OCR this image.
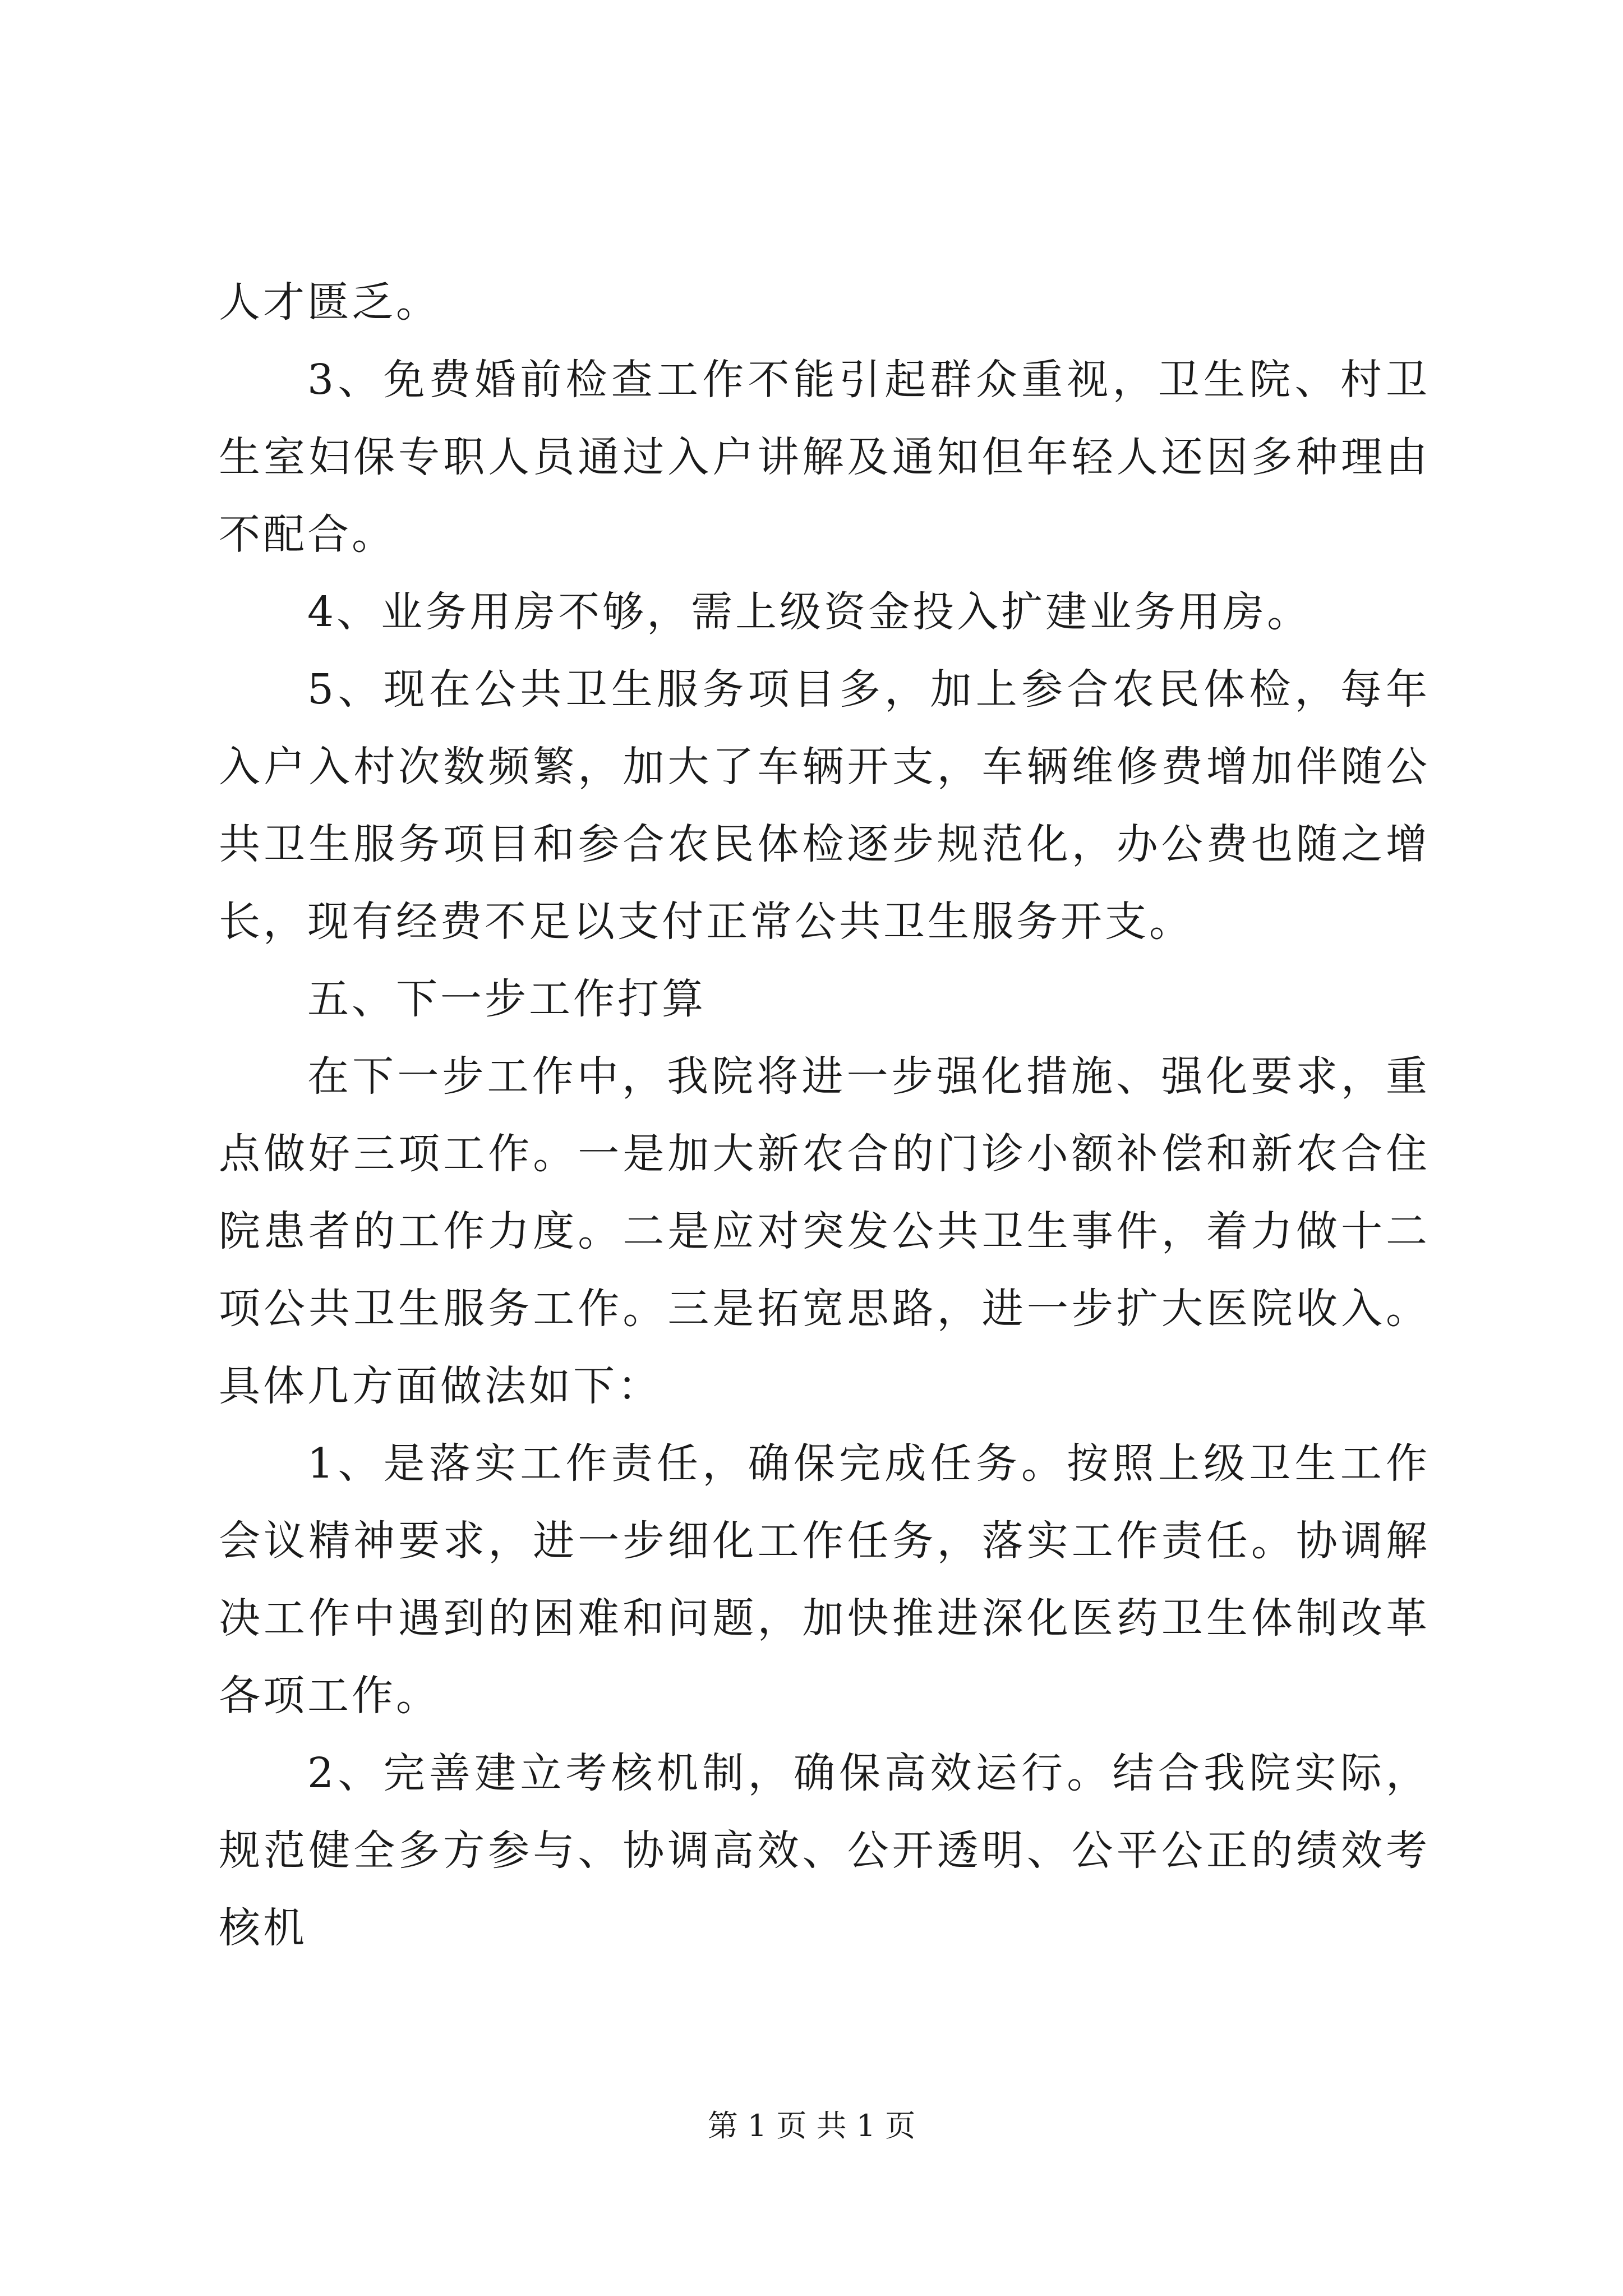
人才匮乏。

3、免费婚前检查工作不能引起群众重视，卫生院、村卫生室妇保专职人员通过入户讲解及通知但年轻人还因多种理由不配合。

4、业务用房不够，需上级资金投入扩建业务用房。

5、现在公共卫生服务项目多，加上参合农民体检，每年入户入村次数频繁，加大了车辆开支，车辆维修费增加伴随公共卫生服务项目和参合农民体检逐步规范化，办公费也随之增长，现有经费不足以支付正常公共卫生服务开支。

五、下一步工作打算

在下一步工作中，我院将进一步强化措施、强化要求，重点做好三项工作。一是加大新农合的门诊小额补偿和新农合住院患者的工作力度。二是应对突发公共卫生事件，着力做十二项公共卫生服务工作。三是拓宽思路，进一步扩大医院收入。具体几方面做法如下：

1、是落实工作责任，确保完成任务。按照上级卫生工作会议精神要求，进一步细化工作任务，落实工作责任。协调解决工作中遇到的困难和问题，加快推进深化医药卫生体制改革各项工作。

2、完善建立考核机制，确保高效运行。结合我院实际，规范健全多方参与、协调高效、公开透明、公平公正的绩效考核机

第 1 页 共 1 页
